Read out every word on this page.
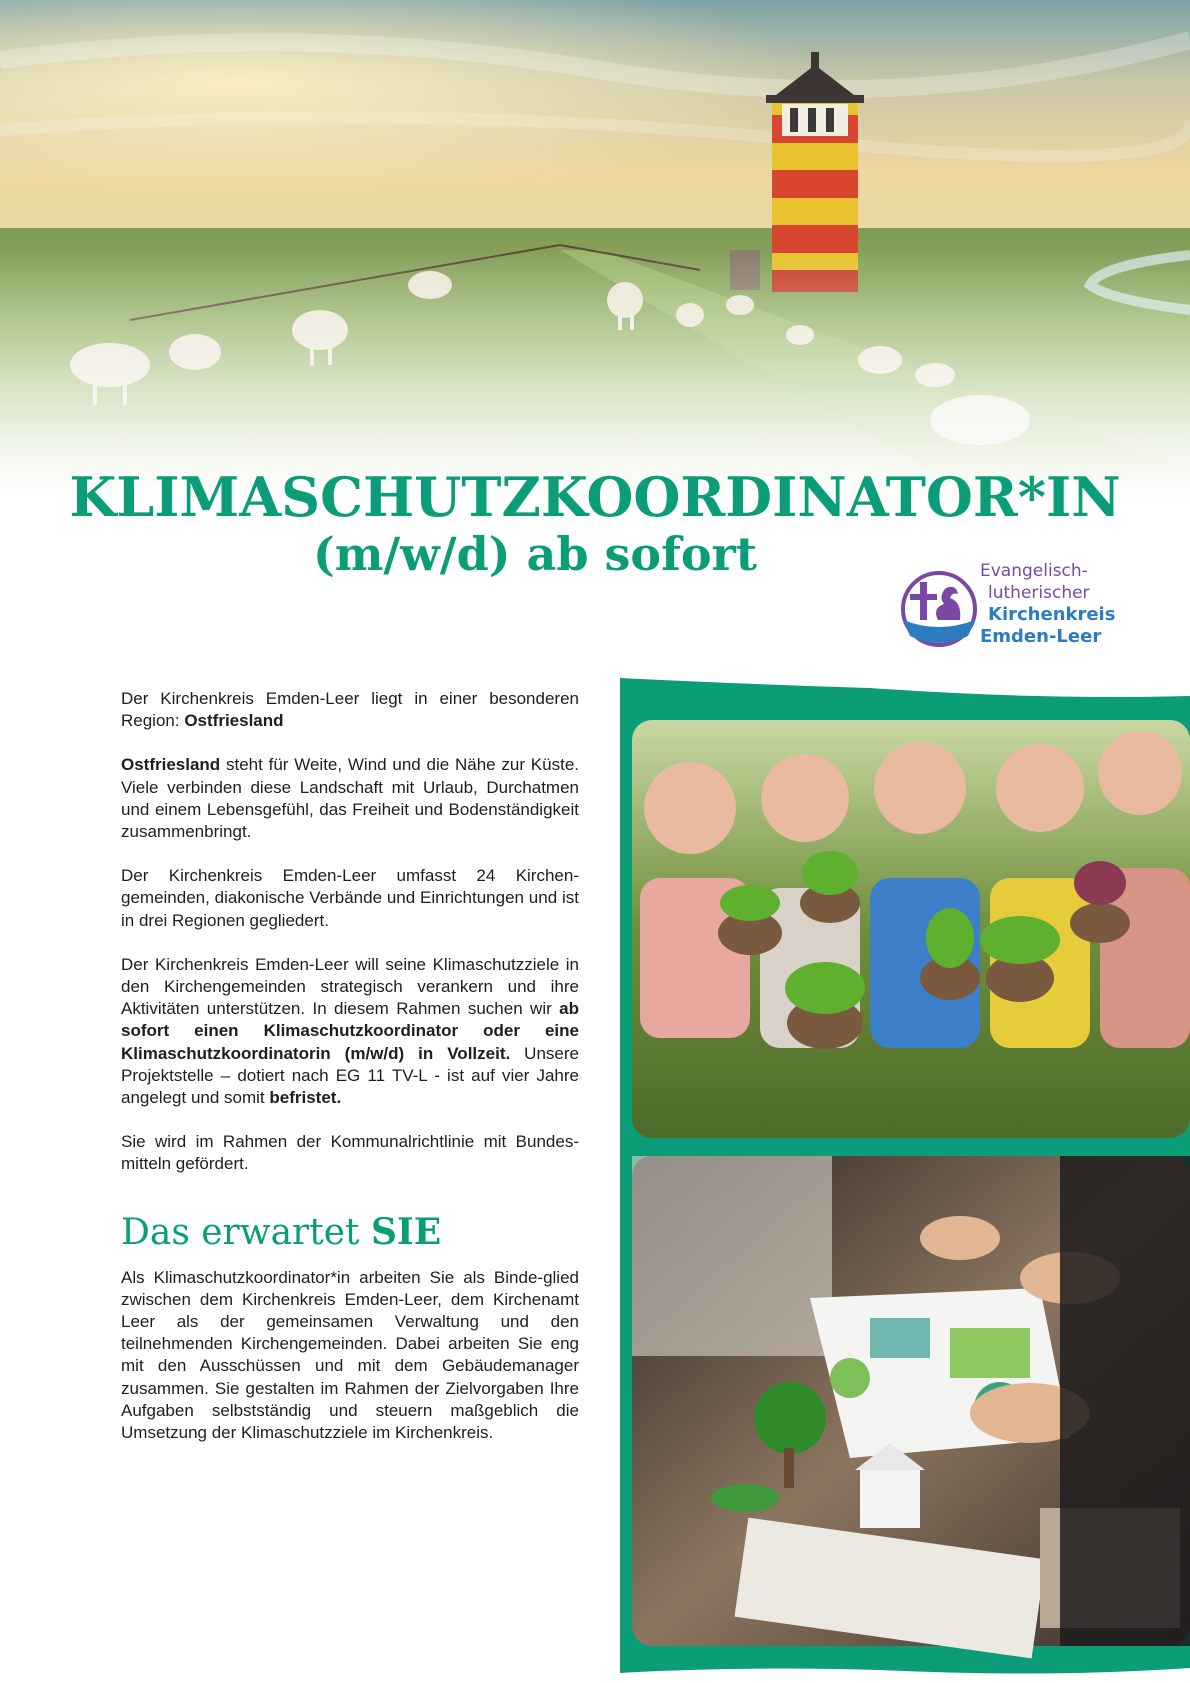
KLIMASCHUTZKOORDINATOR*IN
(m/w/d) ab sofort	Evangelisch-
lutherischer
Kirchenkreis
Emden-Leer

Der Kirchenkreis Emden-Leer liegt in einer besonderen Region: Ostfriesland

Ostfriesland steht für Weite, Wind und die Nähe zur Küste. Viele verbinden diese Landschaft mit Urlaub, Durchatmen und einem Lebensgefühl, das Freiheit und Bodenständigkeit zusammenbringt.

Der Kirchenkreis Emden-Leer umfasst 24 Kirchen-gemeinden, diakonische Verbände und Einrichtungen und ist in drei Regionen gegliedert.

Der Kirchenkreis Emden-Leer will seine Klimaschutzziele in den Kirchengemeinden strategisch verankern und ihre Aktivitäten unterstützen. In diesem Rahmen suchen wir ab sofort einen Klimaschutzkoordinator oder eine Klimaschutzkoordinatorin (m/w/d) in Vollzeit. Unsere Projektstelle – dotiert nach EG 11 TV-L - ist auf vier Jahre angelegt und somit befristet.

Sie wird im Rahmen der Kommunalrichtlinie mit Bundes-mitteln gefördert.

Das erwartet SIE

Als Klimaschutzkoordinator*in arbeiten Sie als Binde-glied zwischen dem Kirchenkreis Emden-Leer, dem Kirchenamt Leer als der gemeinsamen Verwaltung und den teilnehmenden Kirchengemeinden. Dabei arbeiten Sie eng mit den Ausschüssen und mit dem Gebäudemanager zusammen. Sie gestalten im Rahmen der Zielvorgaben Ihre Aufgaben selbstständig und steuern maßgeblich die Umsetzung der Klimaschutzziele im Kirchenkreis.
